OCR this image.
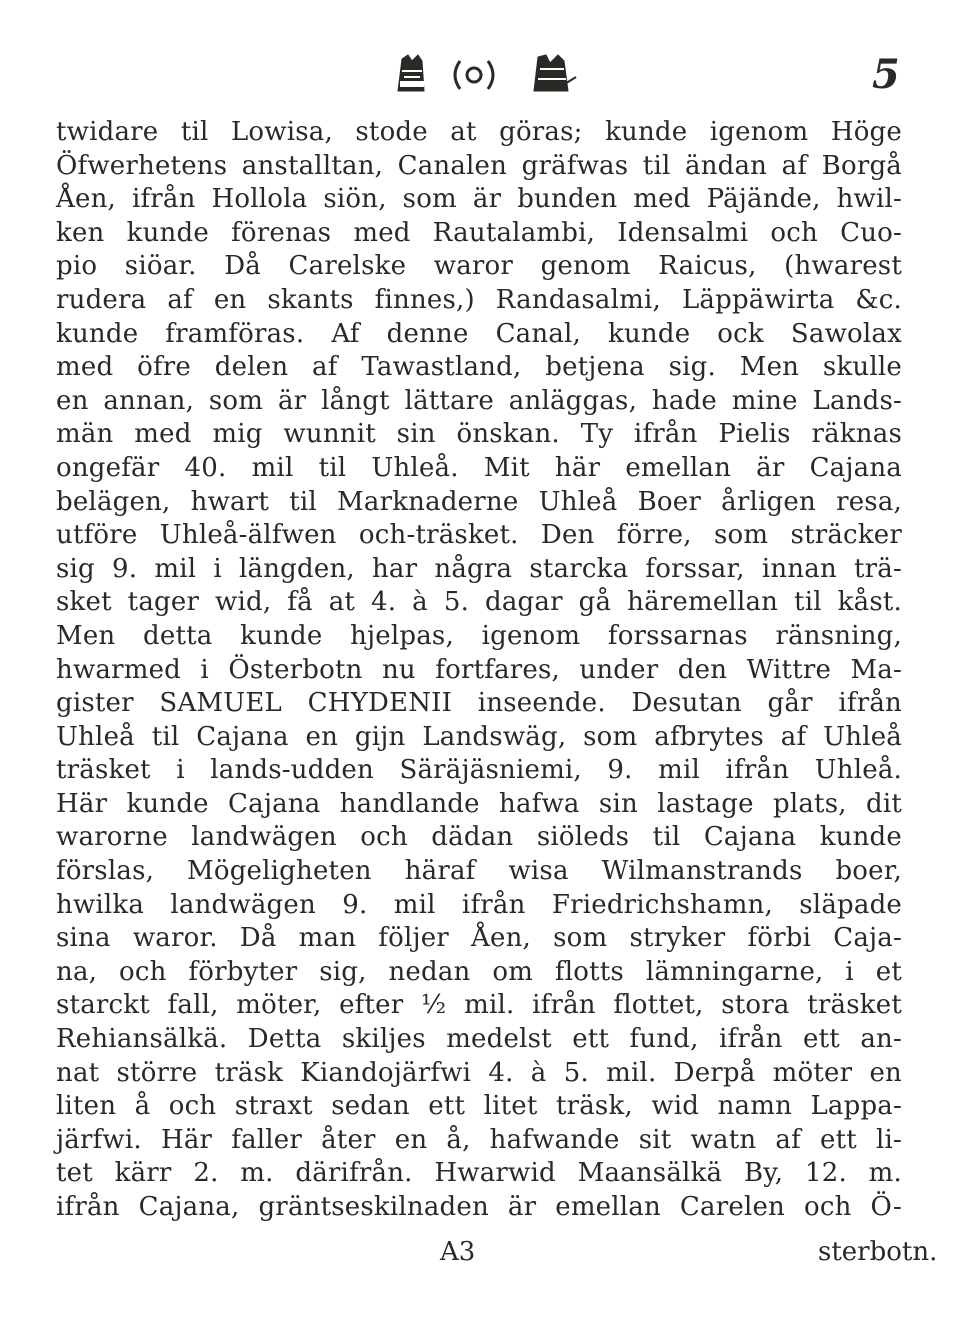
5
twidare til Lowisa, stode at göras; kunde igenom Höge
Öfwerhetens anstalltan, Canalen gräfwas til ändan af Borgå
Åen, ifrån Hollola siön, som är bunden med Päjände, hwil-
ken kunde förenas med Rautalambi, Idensalmi och Cuo-
pio siöar. Då Carelske waror genom Raicus, (hwarest
rudera af en skants finnes,) Randasalmi, Läppäwirta &c.
kunde framföras. Af denne Canal, kunde ock Sawolax
med öfre delen af Tawastland, betjena sig. Men skulle
en annan, som är långt lättare anläggas, hade mine Lands-
män med mig wunnit sin önskan. Ty ifrån Pielis räknas
ongefär 40. mil til Uhleå. Mit här emellan är Cajana
belägen, hwart til Marknaderne Uhleå Boer årligen resa,
utföre Uhleå-älfwen och-träsket. Den förre, som sträcker
sig 9. mil i längden, har några starcka forssar, innan trä-
sket tager wid, få at 4. à 5. dagar gå häremellan til kåst.
Men detta kunde hjelpas, igenom forssarnas ränsning,
hwarmed i Österbotn nu fortfares, under den Wittre Ma-
gister SAMUEL CHYDENII inseende. Desutan går ifrån
Uhleå til Cajana en gijn Landswäg, som afbrytes af Uhleå
träsket i lands-udden Säräjäsniemi, 9. mil ifrån Uhleå.
Här kunde Cajana handlande hafwa sin lastage plats, dit
warorne landwägen och dädan siöleds til Cajana kunde
förslas, Mögeligheten häraf wisa Wilmanstrands boer,
hwilka landwägen 9. mil ifrån Friedrichshamn, släpade
sina waror. Då man följer Åen, som stryker förbi Caja-
na, och förbyter sig, nedan om flotts lämningarne, i et
starckt fall, möter, efter ½ mil. ifrån flottet, stora träsket
Rehiansälkä. Detta skiljes medelst ett fund, ifrån ett an-
nat större träsk Kiandojärfwi 4. à 5. mil. Derpå möter en
liten å och straxt sedan ett litet träsk, wid namn Lappa-
järfwi. Här faller åter en å, hafwande sit watn af ett li-
tet kärr 2. m. därifrån. Hwarwid Maansälkä By, 12. m.
ifrån Cajana, gräntseskilnaden är emellan Carelen och Ö-
A3	sterbotn.
